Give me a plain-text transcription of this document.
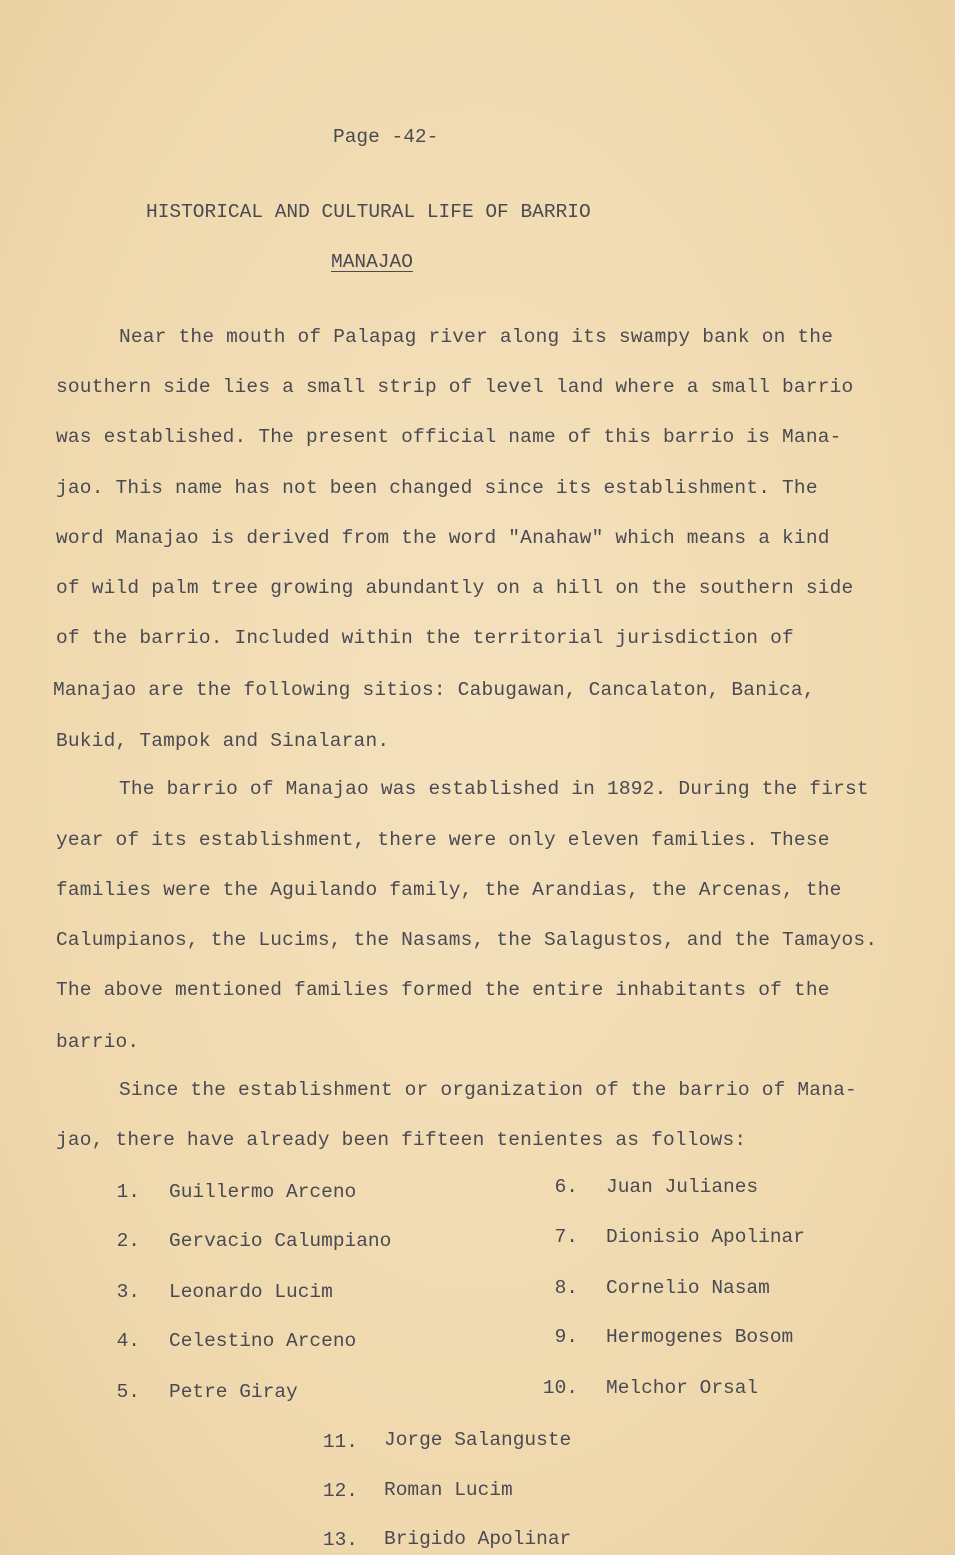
Page -42-
HISTORICAL AND CULTURAL LIFE OF BARRIO
MANAJAO
Near the mouth of Palapag river along its swampy bank on the
southern side lies a small strip of level land where a small barrio
was established. The present official name of this barrio is Mana-
jao. This name has not been changed since its establishment. The
word Manajao is derived from the word "Anahaw" which means a kind
of wild palm tree growing abundantly on a hill on the southern side
of the barrio. Included within the territorial jurisdiction of
Manajao are the following sitios: Cabugawan, Cancalaton, Banica,
Bukid, Tampok and Sinalaran.
The barrio of Manajao was established in 1892. During the first
year of its establishment, there were only eleven families. These
families were the Aguilando family, the Arandias, the Arcenas, the
Calumpianos, the Lucims, the Nasams, the Salagustos, and the Tamayos.
The above mentioned families formed the entire inhabitants of the
barrio.
Since the establishment or organization of the barrio of Mana-
jao, there have already been fifteen tenientes as follows:
1. Guillermo Arceno
2. Gervacio Calumpiano
3. Leonardo Lucim
4. Celestino Arceno
5. Petre Giray
6. Juan Julianes
7. Dionisio Apolinar
8. Cornelio Nasam
9. Hermogenes Bosom
10. Melchor Orsal
11. Jorge Salanguste
12. Roman Lucim
13. Brigido Apolinar
